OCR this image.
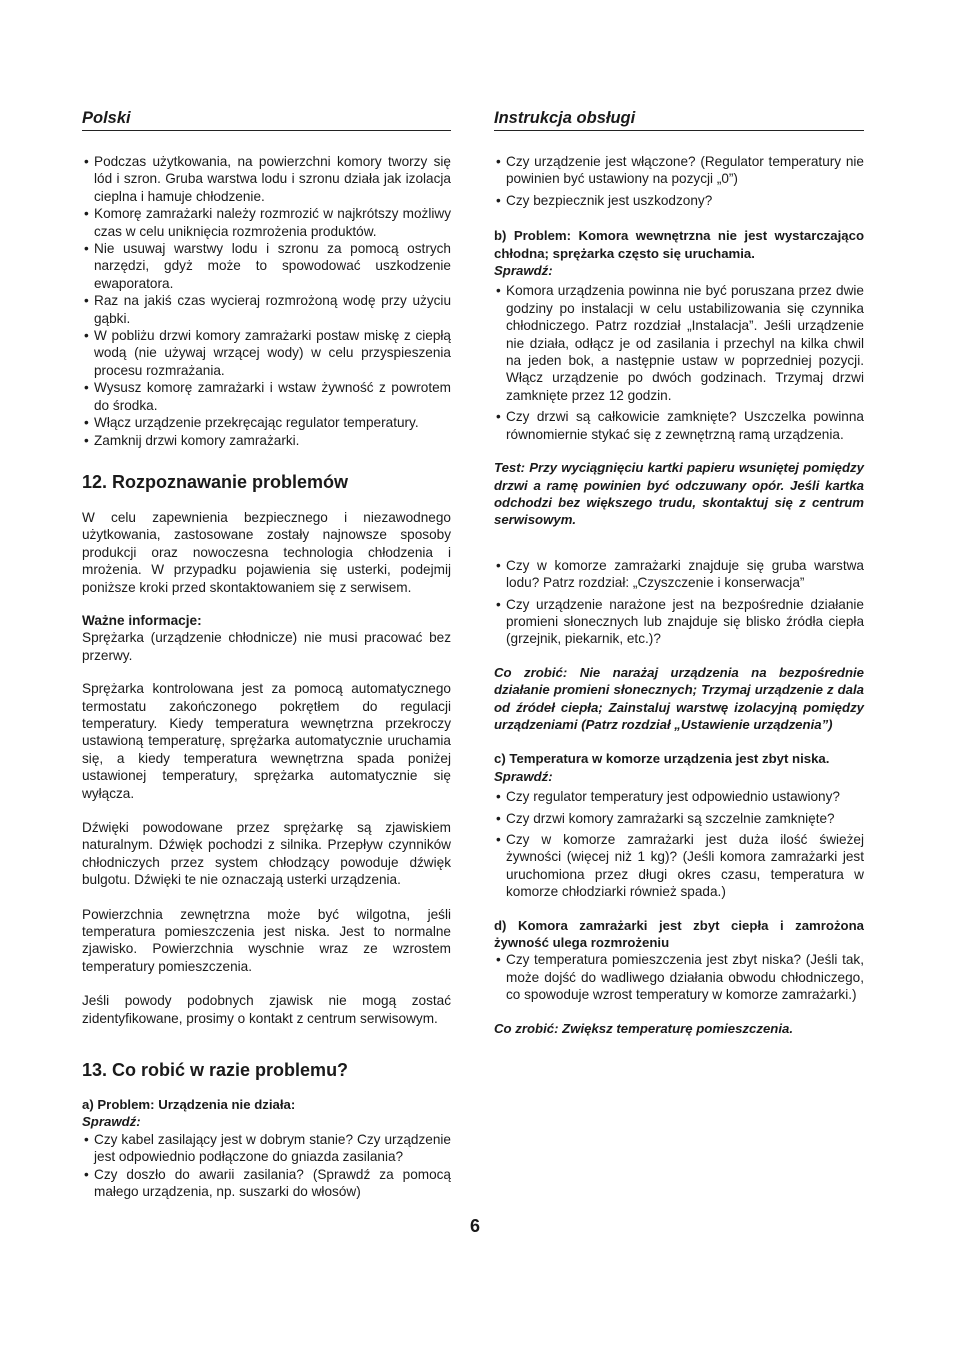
Polski
• Podczas użytkowania, na powierzchni komory tworzy się lód i szron. Gruba warstwa lodu i szronu działa jak izolacja cieplna i hamuje chłodzenie.
• Komorę zamrażarki należy rozmrozić w najkrótszy możliwy czas w celu uniknięcia rozmrożenia produktów.
• Nie usuwaj warstwy lodu i szronu za pomocą ostrych narzędzi, gdyż może to spowodować uszkodzenie ewaporatora.
• Raz na jakiś czas wycieraj rozmrożoną wodę przy użyciu gąbki.
• W pobliżu drzwi komory zamrażarki postaw miskę z ciepłą wodą (nie używaj wrzącej wody) w celu przyspieszenia procesu rozmrażania.
• Wysusz komorę zamrażarki i wstaw żywność z powrotem do środka.
• Włącz urządzenie przekręcając regulator temperatury.
• Zamknij drzwi komory zamrażarki.
12. Rozpoznawanie problemów

W celu zapewnienia bezpiecznego i niezawodnego użytkowania, zastosowane zostały najnowsze sposoby produkcji oraz nowoczesna technologia chłodzenia i mrożenia. W przypadku pojawienia się usterki, podejmij poniższe kroki przed skontaktowaniem się z serwisem.

Ważne informacje:

Sprężarka (urządzenie chłodnicze) nie musi pracować bez przerwy.

Sprężarka kontrolowana jest za pomocą automatycznego termostatu zakończonego pokrętłem do regulacji temperatury. Kiedy temperatura wewnętrzna przekroczy ustawioną temperaturę, sprężarka automatycznie uruchamia się, a kiedy temperatura wewnętrzna spada poniżej ustawionej temperatury, sprężarka automatycznie się wyłącza.

Dźwięki powodowane przez sprężarkę są zjawiskiem naturalnym. Dźwięk pochodzi z silnika. Przepływ czynników chłodniczych przez system chłodzący powoduje dźwięk bulgotu. Dźwięki te nie oznaczają usterki urządzenia.

Powierzchnia zewnętrzna może być wilgotna, jeśli temperatura pomieszczenia jest niska. Jest to normalne zjawisko. Powierzchnia wyschnie wraz ze wzrostem temperatury pomieszczenia.

Jeśli powody podobnych zjawisk nie mogą zostać zidentyfikowane, prosimy o kontakt z centrum serwisowym.

13. Co robić w razie problemu?

a) Problem: Urządzenia nie działa:

Sprawdź:

• Czy kabel zasilający jest w dobrym stanie? Czy urządzenie jest odpowiednio podłączone do gniazda zasilania?
• Czy doszło do awarii zasilania? (Sprawdź za pomocą małego urządzenia, np. suszarki do włosów)
Instrukcja obsługi
• Czy urządzenie jest włączone? (Regulator temperatury nie powinien być ustawiony na pozycji „0”)
• Czy bezpiecznik jest uszkodzony?

b) Problem: Komora wewnętrzna nie jest wystarczająco chłodna; sprężarka często się uruchamia.

Sprawdź:

• Komora urządzenia powinna nie być poruszana przez dwie godziny po instalacji w celu ustabilizowania się czynnika chłodniczego. Patrz rozdział „Instalacja”. Jeśli urządzenie nie działa, odłącz je od zasilania i przechyl na kilka chwil na jeden bok, a następnie ustaw w poprzedniej pozycji. Włącz urządzenie po dwóch godzinach. Trzymaj drzwi zamknięte przez 12 godzin.
• Czy drzwi są całkowicie zamknięte? Uszczelka powinna równomiernie stykać się z zewnętrzną ramą urządzenia.

Test: Przy wyciągnięciu kartki papieru wsuniętej pomiędzy drzwi a ramę powinien być odczuwany opór. Jeśli kartka odchodzi bez większego trudu, skontaktuj się z centrum serwisowym.

• Czy w komorze zamrażarki znajduje się gruba warstwa lodu? Patrz rozdział: „Czyszczenie i konserwacja”
• Czy urządzenie narażone jest na bezpośrednie działanie promieni słonecznych lub znajduje się blisko źródła ciepła (grzejnik, piekarnik, etc.)?

Co zrobić: Nie narażaj urządzenia na bezpośrednie działanie promieni słonecznych; Trzymaj urządzenie z dala od źródeł ciepła; Zainstaluj warstwę izolacyjną pomiędzy urządzeniami (Patrz rozdział „Ustawienie urządzenia”)

c) Temperatura w komorze urządzenia jest zbyt niska.

Sprawdź:

• Czy regulator temperatury jest odpowiednio ustawiony?
• Czy drzwi komory zamrażarki są szczelnie zamknięte?
• Czy w komorze zamrażarki jest duża ilość świeżej żywności (więcej niż 1 kg)? (Jeśli komora zamrażarki jest uruchomiona przez długi okres czasu, temperatura w komorze chłodziarki również spada.)

d) Komora zamrażarki jest zbyt ciepła i zamrożona żywność ulega rozmrożeniu

• Czy temperatura pomieszczenia jest zbyt niska? (Jeśli tak, może dojść do wadliwego działania obwodu chłodniczego, co spowoduje wzrost temperatury w komorze zamrażarki.)

Co zrobić: Zwiększ temperaturę pomieszczenia.

6
